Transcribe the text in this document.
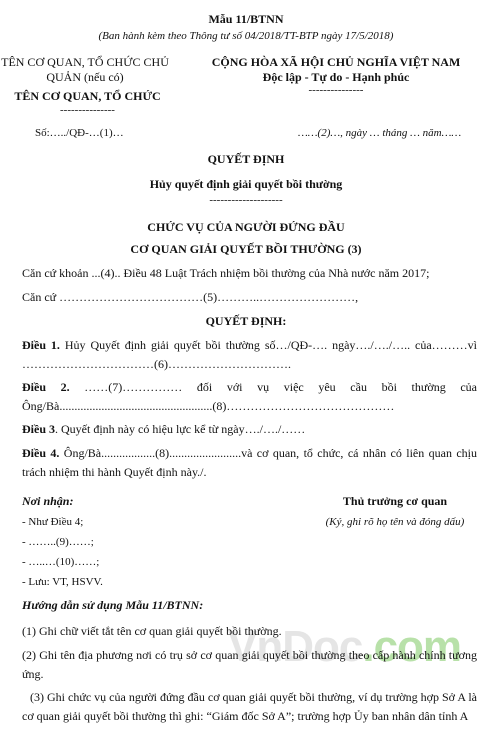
Mẫu 11/BTNN
(Ban hành kèm theo Thông tư số 04/2018/TT-BTP ngày 17/5/2018)
TÊN CƠ QUAN, TỔ CHỨC CHỦ
QUẢN (nếu có)
TÊN CƠ QUAN, TỔ CHỨC
---------------
CỘNG HÒA XÃ HỘI CHỦ NGHĨA VIỆT NAM
Độc lập - Tự do - Hạnh phúc
---------------
Số:…../QĐ-…(1)…	……(2)…, ngày … tháng … năm……
QUYẾT ĐỊNH
Hủy quyết định giải quyết bồi thường
--------------------
CHỨC VỤ CỦA NGƯỜI ĐỨNG ĐẦU
CƠ QUAN GIẢI QUYẾT BỒI THƯỜNG (3)
Căn cứ khoản ...(4).. Điều 48 Luật Trách nhiệm bồi thường của Nhà nước năm 2017;
Căn cứ ………………………………(5)………..……………………,
QUYẾT ĐỊNH:
Điều 1. Hủy Quyết định giải quyết bồi thường số…/QĐ-…. ngày…./…./….. của………vì ……………………………(6)………………………….
Điều 2. ……(7)…………… đối với vụ việc yêu cầu bồi thường của Ông/Bà...................................................(8)……………………………………
Điều 3. Quyết định này có hiệu lực kể từ ngày…./…./……
Điều 4. Ông/Bà..................(8)........................và cơ quan, tổ chức, cá nhân có liên quan chịu trách nhiệm thi hành Quyết định này./.
Nơi nhận:
- Như Điều 4;
- ……..(9)……;
- …..…(10)……;
- Lưu: VT, HSVV.
Thủ trưởng cơ quan
(Ký, ghi rõ họ tên và đóng dấu)
VnDoc.com
Hướng dẫn sử dụng Mẫu 11/BTNN:
(1) Ghi chữ viết tắt tên cơ quan giải quyết bồi thường.
(2) Ghi tên địa phương nơi có trụ sở cơ quan giải quyết bồi thường theo cấp hành chính tương ứng.
(3) Ghi chức vụ của người đứng đầu cơ quan giải quyết bồi thường, ví dụ trường hợp Sở A là cơ quan giải quyết bồi thường thì ghi: “Giám đốc Sở A”; trường hợp Ủy ban nhân dân tỉnh A
